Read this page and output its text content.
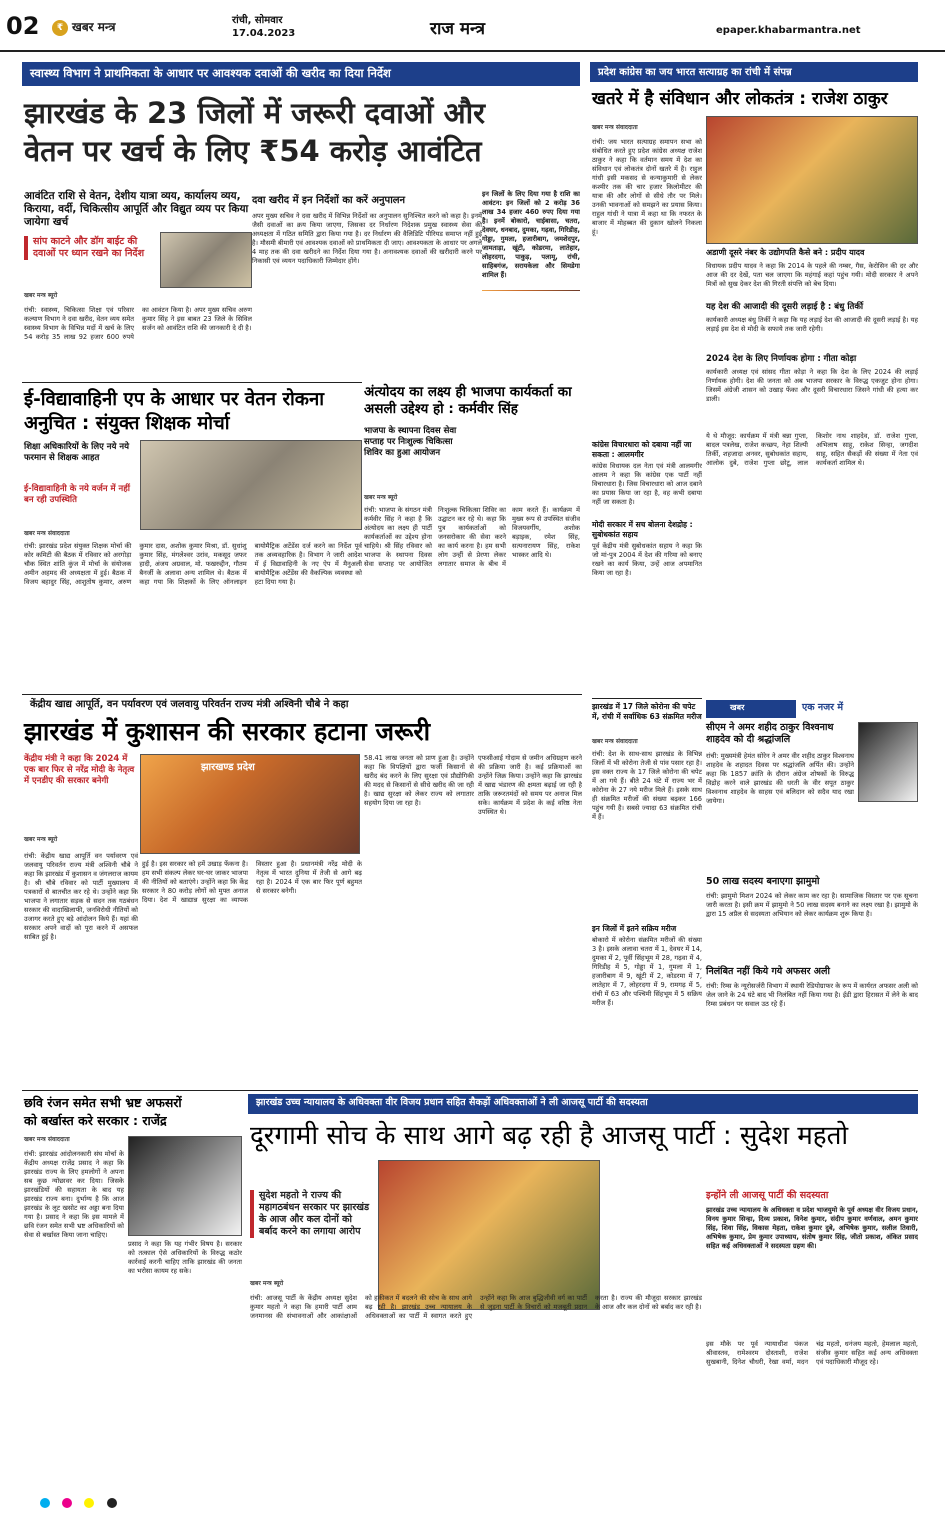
02	₹ खबर मन्त्र	रांची, सोमवार
17.04.2023	राज मन्त्र	epaper.khabarmantra.net
स्वास्थ्य विभाग ने प्राथमिकता के आधार पर आवश्यक दवाओं की खरीद का दिया निर्देश
झारखंड के 23 जिलों में जरूरी दवाओं और
वेतन पर खर्च के लिए ₹54 करोड़ आवंटित
आवंटित राशि से वेतन, देशीय यात्रा व्यय, कार्यालय व्यय, किराया, वर्दी, चिकित्सीय आपूर्ति और विद्युत व्यय पर किया जायेगा खर्च
सांप काटने और डॉग बाईट की दवाओं पर ध्यान रखने का निर्देश
खबर मन्त्र ब्यूरो
रांची: स्वास्थ्य, चिकित्सा शिक्षा एवं परिवार कल्याण विभाग ने दवा खरीद, वेतन व्यय समेत स्वास्थ्य विभाग के विभिन्न मदों में खर्च के लिए 54 करोड़ 35 लाख 92 हजार 600 रुपये का आवंटन किया है। अपर मुख्य सचिव अरुण कुमार सिंह ने इस बाबत 23 जिले के सिविल सर्जन को आवंटित राशि की जानकारी दे दी है।
दवा खरीद में इन निर्देशों का करें अनुपालन
अपर मुख्य सचिव ने दवा खरीद में विभिन्न निर्देशों का अनुपालन सुनिश्चित करने को कहा है। इनमें जैसी दवाओं का क्रय किया जाएगा, जिसका दर निर्धारण निदेशक प्रमुख स्वास्थ्य सेवा की अध्यक्षता में गठित समिति द्वारा किया गया है। दर निर्धारण की वैलिडिटि पीरियड समाप्त नहीं हुई है। मौसमी बीमारी एवं आवश्यक दवाओं को प्राथमिकता दी जाए। आवश्यकता के आधार पर अगले 4 माह तक की दवा खरीदने का निर्देश दिया गया है। अनावश्यक दवाओं की खरीदारी करने पर निकासी एवं व्ययन पदाधिकारी जिम्मेदार होंगे।
इन जिलों के लिए दिया गया है राशि का आवंटन: इन जिलों को 2 करोड़ 36 लाख 34 हजार 460 रुपए दिया गया है। इनमें बोकारो, चाईबासा, चतरा, देवघर, धनबाद, दुमका, गढ़वा, गिरिडीह, गोड्डा, गुमला, हजारीबाग, जमशेदपुर, जामताड़ा, खूंटी, कोडरमा, लातेहार, लोहरदगा, पाकुड़, पलामू, रांची, साहिबगंज, सरायकेला और सिमडेगा शामिल हैं।
ई-विद्यावाहिनी एप के आधार पर वेतन रोकना अनुचित : संयुक्त शिक्षक मोर्चा
शिक्षा अधिकारियों के लिए नये नये फरमान से शिक्षक आहत
ई-विद्यावाहिनी के नये वर्जन में नहीं बन रही उपस्थिति
खबर मन्त्र संवाददाता
रांची: झारखंड प्रदेश संयुक्त शिक्षक मोर्चा की कोर कमिटी की बैठक में रविवार को अरगोड़ा चौक स्थित शांति कुंज में मोर्चा के संयोजक अमीन अहमद की अध्यक्षता में हुई। बैठक में विजय बहादुर सिंह, आशुतोष कुमार, अरुण कुमार दास, अशोक कुमार मिश्रा, डॉ. सुधांशु कुमार सिंह, मंगलेश्वर उरांव, मकसूद जफर हादी, अंजय अग्रवाल, मो. फखरुद्दीन, गौतम बैनर्जी के अलावा अन्य शामिल थे। बैठक में कहा गया कि शिक्षकों के लिए ऑनलाइन बायोमैट्रिक अटेंडेंस दर्ज करने का निर्देश पूर्व तक अव्यवहारिक है। विभाग ने जारी आदेश में ई विद्यावाहिनी के नए ऐप में मैनुअली बायोमैट्रिक अटेंडेंस की वैकल्पिक व्यवस्था को हटा दिया गया है।
अंत्योदय का लक्ष्य ही भाजपा कार्यकर्ता का असली उद्देश्य हो : कर्मवीर सिंह
भाजपा के स्थापना दिवस सेवा सप्ताह पर निःशुल्क चिकित्सा शिविर का हुआ आयोजन
खबर मन्त्र ब्यूरो
रांची: भाजपा के संगठन मंत्री कर्मवीर सिंह ने कहा है कि अंत्योदय का लक्ष्य ही पार्टी कार्यकर्ताओं का उद्देश्य होना चाहिये। श्री सिंह रविवार को भाजपा के स्थापना दिवस सेवा सप्ताह पर आयोजित निःशुल्क चिकित्सा शिविर का उद्घाटन कर रहे थे। कहा कि पुत्र कार्यकर्ताओं को जनसरोकार की सेवा करने का कार्य करना है। हम सभी लोग उन्हीं से प्रेरणा लेकर लगातार समाज के बीच में काम करते हैं। कार्यक्रम में मुख्य रूप से उपस्थित संजीव विजयवर्गीय, अशोक बड़ाइक, रमेश सिंह, सत्यनारायण सिंह, राकेश भास्कर आदि थे।
केंद्रीय खाद्य आपूर्ति, वन पर्यावरण एवं जलवायु परिवर्तन राज्य मंत्री अश्विनी चौबे ने कहा
झारखंड में कुशासन की सरकार हटाना जरूरी
केंद्रीय मंत्री ने कहा कि 2024 में एक बार फिर से नरेंद्र मोदी के नेतृत्व में एनडीए की सरकार बनेगी
झारखण्ड प्रदेश
खबर मन्त्र ब्यूरो
रांची: केंद्रीय खाद्य आपूर्ति वन पर्यावरण एवं जलवायु परिवर्तन राज्य मंत्री अश्विनी चौबे ने कहा कि झारखंड में कुशासन व जंगलराज कायम है। श्री चौबे रविवार को पार्टी मुख्यालय में पत्रकारों से बातचीत कर रहे थे। उन्होंने कहा कि भाजपा ने लगातार सड़क से सदन तक गठबंधन सरकार की वादाखिलाफी, जनविरोधी नीतियों को उजागर करते हुए बड़े आंदोलन किये हैं। यहां की सरकार अपने वादों को पूरा करने में असफल साबित हुई है।
हुई है। इस सरकार को हमें उखाड़ फेंकना है। हम सभी संकल्प लेकर घर-घर जाकर भाजपा की नीतियों को बताएंगे। उन्होंने कहा कि केंद्र सरकार ने 80 करोड़ लोगों को मुफ्त अनाज दिया। देश में खाद्यान्न सुरक्षा का व्यापक विस्तार हुआ है। प्रधानमंत्री नरेंद्र मोदी के नेतृत्व में भारत दुनिया में तेजी से आगे बढ़ रहा है। 2024 में एक बार फिर पूर्ण बहुमत से सरकार बनेगी।
58.41 लाख जनता को प्राण हुआ है। उन्होंने कहा कि विपक्षियों द्वारा फर्जी किसानों से खरीद बंद करने के लिए सुरक्षा एवं प्रौद्योगिकी की मदद से किसानों से सीधे खरीद की जा रही है। खाद्य सुरक्षा को लेकर राज्य को लगातार सहयोग दिया जा रहा है।
एफसीआई गोदाम से जमीन अधिग्रहण करने की प्रक्रिया जारी है। कई प्रक्रियाओं का उन्होंने जिक्र किया। उन्होंने कहा कि झारखंड में खाद्य भंडारण की क्षमता बढ़ाई जा रही है ताकि जरूरतमंदों को समय पर अनाज मिल सके। कार्यक्रम में प्रदेश के कई वरिष्ठ नेता उपस्थित थे।
प्रदेश कांग्रेस का जय भारत सत्याग्रह का रांची में संपन्न
खतरे में है संविधान और लोकतंत्र : राजेश ठाकुर
खबर मन्त्र संवाददाता
रांची: जय भारत सत्याग्रह समापन सभा को संबोधित करते हुए प्रदेश कांग्रेस अध्यक्ष राजेश ठाकुर ने कहा कि वर्तमान समय में देश का संविधान एवं लोकतंत्र दोनों खतरे में है। राहुल गांधी इसी मकसद से कन्याकुमारी से लेकर कश्मीर तक की चार हजार किलोमीटर की यात्रा की और लोगों से सीधे तौर पर मिले। उनकी भावनाओं को समझने का प्रयास किया। राहुल गांधी ने यात्रा में कहा था कि नफरत के बाजार में मोहब्बत की दुकान खोलने निकला हूं।
अडाणी दूसरे नंबर के उद्योगपति कैसे बने : प्रदीप यादव
विधायक प्रदीप यादव ने कहा कि 2014 के पहले की नम्बर, गैस, केरोसिन की दर और आज की दर देखें, पता चल जाएगा कि महंगाई कहां पहुंच गयी। मोदी सरकार ने अपने मित्रों को सुख देकर देश की गिरती संपत्ति को बेच दिया।
यह देश की आजादी की दूसरी लड़ाई है : बंधु तिर्की
कार्यकारी अध्यक्ष बंधु तिर्की ने कहा कि यह लड़ाई देश की आजादी की दूसरी लड़ाई है। यह लड़ाई इस देश से मोदी के सफाये तक जारी रहेगी।
2024 देश के लिए निर्णायक होगा : गीता कोड़ा
कार्यकारी अध्यक्ष एवं सांसद गीता कोड़ा ने कहा कि देश के लिए 2024 की लड़ाई निर्णायक होगी। देश की जनता को अब भाजपा सरकार के विरुद्ध एकजुट होना होगा। जिसमें अंग्रेजी शासन को उखाड़ फेंका और दूसरी विचारधारा जिसने गांधी की हत्या कर डाली।
कांग्रेस विचारधारा को दबाया नहीं जा सकता : आलमगीर
कांग्रेस विधायक दल नेता एवं मंत्री आलमगीर आलम ने कहा कि कांग्रेस एक पार्टी नहीं विचारधारा है। जिस विचारधारा को आज दबाने का प्रयास किया जा रहा है, वह कभी दबाया नहीं जा सकता है।
मोदी सरकार में सच बोलना देशद्रोह : सुबोधकांत सहाय
पूर्व केंद्रीय मंत्री सुबोधकांत सहाय ने कहा कि जो मां-पुत्र 2004 में देश की गरिमा को बनाए रखने का कार्य किया, उन्हें आज अपमानित किया जा रहा है।
ये थे मौजूद: कार्यक्रम में मंत्री बन्ना गुप्ता, बादल पत्रलेख, राजेश कच्छप, नेहा शिल्पी तिर्की, शहजादा अनवर, सुबोधकांत सहाय, आलोक दुबे, राजेश गुप्ता छोटू, लाल किशोर नाथ शाहदेव, डॉ. राजेश गुप्ता, अभिलाष साहू, राकेश सिन्हा, जगदीश साहू, सहित सैकड़ों की संख्या में नेता एवं कार्यकर्ता शामिल थे।
झारखंड में 17 जिले कोरोना की चपेट में, रांची में सर्वाधिक 63 संक्रमित मरीज
खबर मन्त्र संवाददाता
रांची: देश के साथ-साथ झारखंड के विभिन्न जिलों में भी कोरोना तेजी से पांव पसार रहा है। इस वक्त राज्य के 17 जिले कोरोना की चपेट में आ गये हैं। बीते 24 घंटे में राज्य भर में कोरोना के 27 नये मरीज मिले हैं। इसके साथ ही संक्रमित मरीजों की संख्या बढ़कर 166 पहुंच गयी है। सबसे ज्यादा 63 संक्रमित रांची में हैं।
इन जिलों में इतने सक्रिय मरीज
बोकारो में कोरोना संक्रमित मरीजों की संख्या 3 है। इसके अलावा चतरा में 1, देवघर में 14, दुमका में 2, पूर्वी सिंहभूम में 28, गढ़वा में 4, गिरिडीह में 5, गोड्डा में 1, गुमला में 1, हजारीबाग में 9, खूंटी में 2, कोडरमा में 7, लातेहार में 7, लोहरदगा में 9, रामगढ़ में 5, रांची में 63 और पश्चिमी सिंहभूम में 5 सक्रिय मरीज हैं।
खबर	एक नजर में
सीएम ने अमर शहीद ठाकुर विश्वनाथ शाहदेव को दी श्रद्धांजलि
रांची: मुख्यमंत्री हेमंत सोरेन ने अमर वीर शहीद ठाकुर विश्वनाथ शाहदेव के शहादत दिवस पर श्रद्धांजलि अर्पित की। उन्होंने कहा कि 1857 क्रांति के दौरान अंग्रेज शोषकों के विरुद्ध विद्रोह करने वाले झारखंड की धरती के वीर सपूत ठाकुर विश्वनाथ शाहदेव के साहस एवं बलिदान को सदैव याद रखा जायेगा।
50 लाख सदस्य बनाएगा झामुमो
रांची: झामुमो मिशन 2024 को लेकर काम कर रहा है। सामाजिक विस्तार पर एक सूचना जारी करता है। इसी क्रम में झामुमो ने 50 लाख सदस्य बनाने का लक्ष्य रखा है। झामुमो के द्वारा 15 अप्रैल से सदस्यता अभियान को लेकर कार्यक्रम शुरू किया है।
निलंबित नहीं किये गये अफसर अली
रांची: रिम्स के न्यूरोसर्जरी विभाग में स्थायी रेडियोग्राफर के रूप में कार्यरत अफसर अली को जेल जाने के 24 घंटे बाद भी निलंबित नहीं किया गया है। ईडी द्वारा हिरासत में लेने के बाद रिम्स प्रबंधन पर सवाल उठ रहे हैं।
छवि रंजन समेत सभी भ्रष्ट अफसरों
को बर्खास्त करे सरकार : राजेंद्र
खबर मन्त्र संवाददाता
रांची: झारखंड आंदोलनकारी संघ मोर्चा के केंद्रीय अध्यक्ष राजेंद्र प्रसाद ने कहा कि झारखंड राज्य के लिए हमलोगों ने अपना सब कुछ न्योछावर कर दिया। जिसके झारखंडियों की सहायता के बाद यह झारखंड राज्य बना। दुर्भाग्य है कि आज झारखंड के लूट खसोट का अड्डा बना दिया गया है। प्रसाद ने कहा कि इस मामले में छवि रंजन समेत सभी भ्रष्ट अधिकारियों को सेवा से बर्खास्त किया जाना चाहिए।
प्रसाद ने कहा कि यह गंभीर विषय है। सरकार को तत्काल ऐसे अधिकारियों के विरुद्ध कठोर कार्रवाई करनी चाहिए ताकि झारखंड की जनता का भरोसा कायम रह सके।
झारखंड उच्च न्यायालय के अधिवक्ता वीर विजय प्रधान सहित सैकड़ों अधिवक्ताओं ने ली आजसू पार्टी की सदस्यता
दूरगामी सोच के साथ आगे बढ़ रही है आजसू पार्टी : सुदेश महतो
सुदेश महतो ने राज्य की महागठबंधन सरकार पर झारखंड के आज और कल दोनों को बर्बाद करने का लगाया आरोप
खबर मन्त्र ब्यूरो
रांची: आजसू पार्टी के केंद्रीय अध्यक्ष सुदेश कुमार महतो ने कहा कि हमारी पार्टी आम जनमानस की संभावनाओं और आकांक्षाओं को हकीकत में बदलने की सोच के साथ आगे बढ़ रही है। झारखंड उच्च न्यायालय के अधिवक्ताओं का पार्टी में स्वागत करते हुए उन्होंने कहा कि आज बुद्धिजीवी वर्ग का पार्टी से जुड़ना पार्टी के विचारों को मजबूती प्रदान करता है। राज्य की मौजूदा सरकार झारखंड के आज और कल दोनों को बर्बाद कर रही है।
इन्होंने ली आजसू पार्टी की सदस्यता
झारखंड उच्च न्यायालय के अधिवक्ता व प्रदेश भाजयुमो के पूर्व अध्यक्ष वीर विजय प्रधान, विनय कुमार सिन्हा, दिव्य प्रकाश, विनेश कुमार, संदीप कुमार वर्णवाल, अमन कुमार सिंह, शिवा सिंह, विकास मेहता, राकेश कुमार दुबे, अभिषेक कुमार, सलील तिवारी, अभिषेक कुमार, प्रेम कुमार उपाध्याय, संतोष कुमार सिंह, जीतो प्रकाश, अंकित प्रसाद सहित कई अधिवक्ताओं ने सदस्यता ग्रहण की।
इस मौके पर पूर्व न्यायाधीश पंकज श्रीवास्तव, रामेश्वरम दोस्ताशी, राजेश सुखबानी, दिनेश चौधरी, रेखा वर्मा, मदन चंद्र महतो, धनंजय महतो, हेमलाल महतो, संजीव कुमार सहित कई अन्य अधिवक्ता एवं पदाधिकारी मौजूद रहे।
